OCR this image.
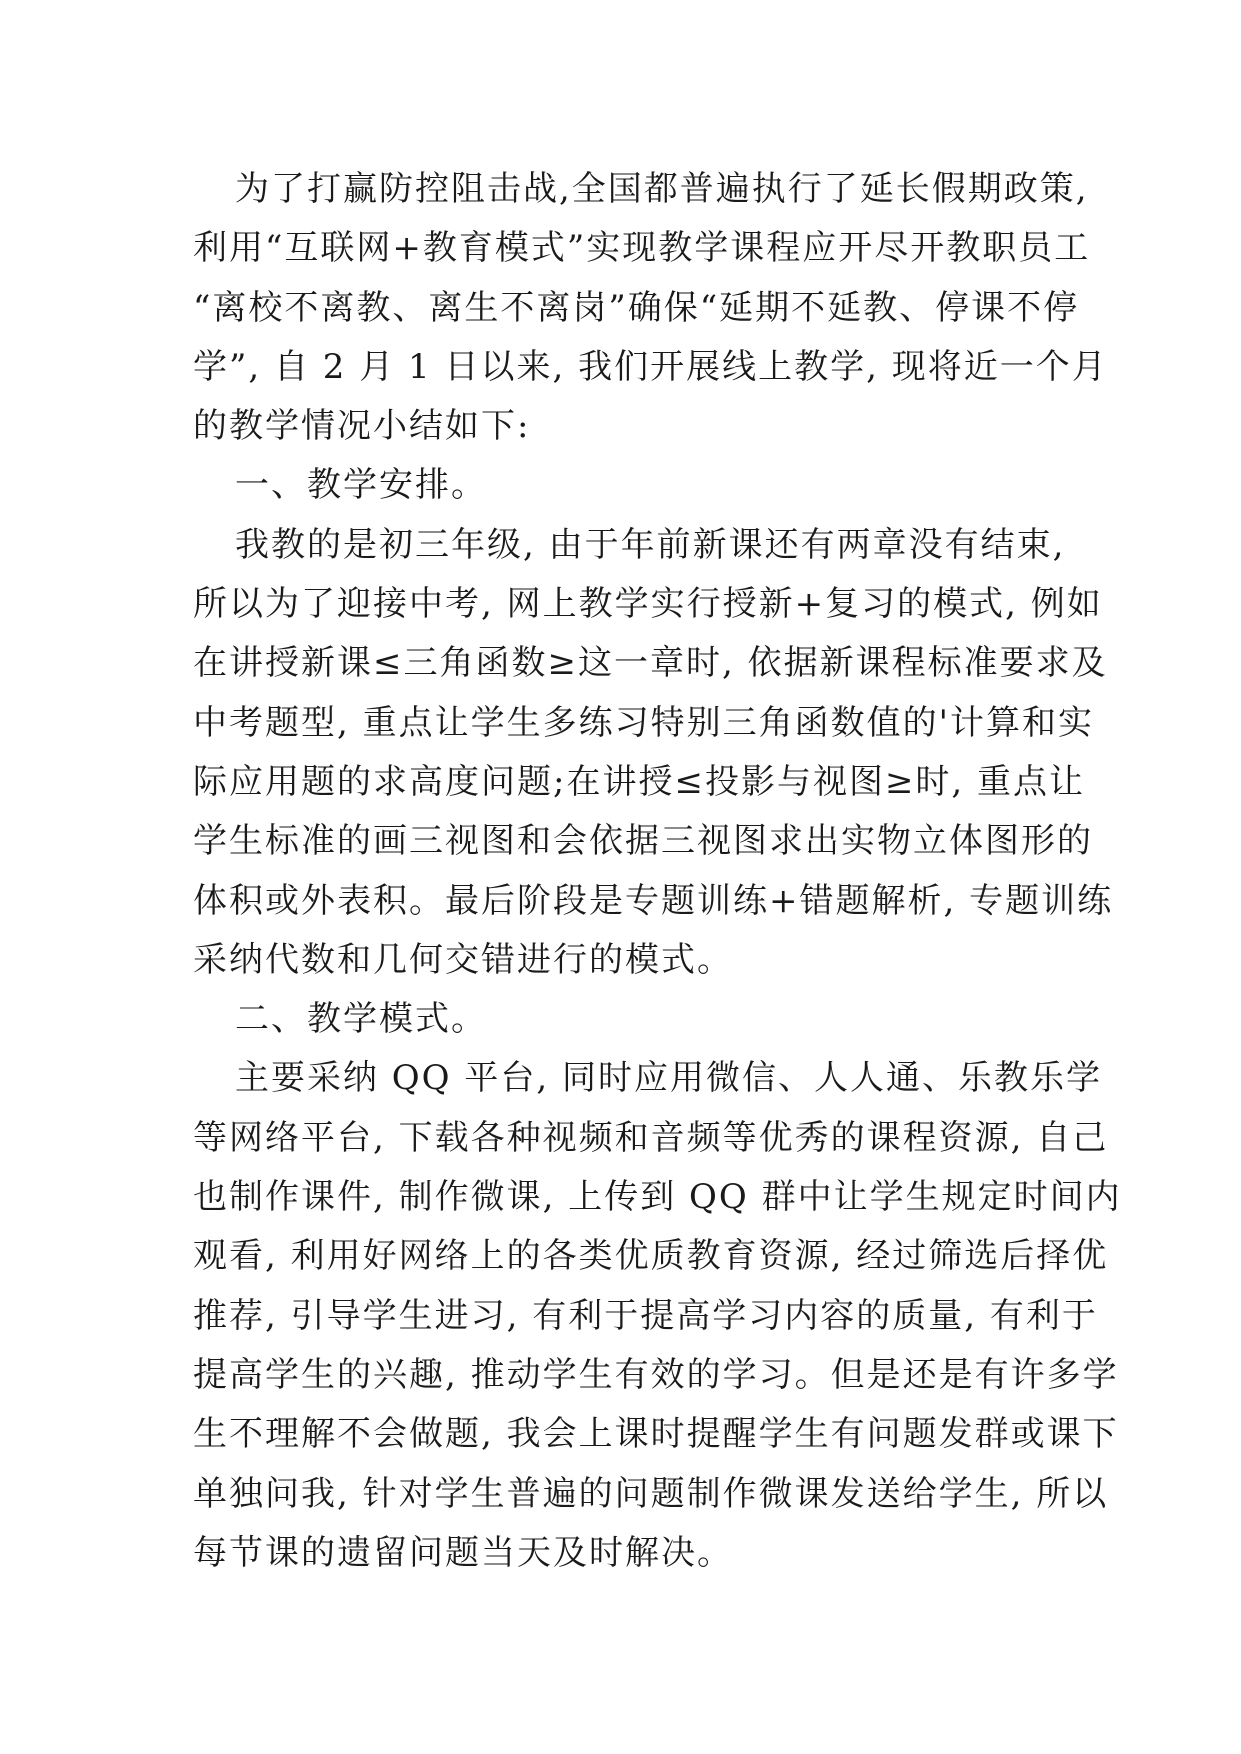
为了打赢防控阻击战,全国都普遍执行了延长假期政策,
利用“互联网+教育模式”实现教学课程应开尽开教职员工
“离校不离教、离生不离岗”确保“延期不延教、停课不停
学”, 自 2 月 1 日以来, 我们开展线上教学, 现将近一个月
的教学情况小结如下:
一、教学安排。
我教的是初三年级, 由于年前新课还有两章没有结束,
所以为了迎接中考, 网上教学实行授新+复习的模式, 例如
在讲授新课≤三角函数≥这一章时, 依据新课程标准要求及
中考题型, 重点让学生多练习特别三角函数值的'计算和实
际应用题的求高度问题;在讲授≤投影与视图≥时, 重点让
学生标准的画三视图和会依据三视图求出实物立体图形的
体积或外表积。最后阶段是专题训练+错题解析, 专题训练
采纳代数和几何交错进行的模式。
二、教学模式。
主要采纳 QQ 平台, 同时应用微信、人人通、乐教乐学
等网络平台, 下载各种视频和音频等优秀的课程资源, 自己
也制作课件, 制作微课, 上传到 QQ 群中让学生规定时间内
观看, 利用好网络上的各类优质教育资源, 经过筛选后择优
推荐, 引导学生进习, 有利于提高学习内容的质量, 有利于
提高学生的兴趣, 推动学生有效的学习。但是还是有许多学
生不理解不会做题, 我会上课时提醒学生有问题发群或课下
单独问我, 针对学生普遍的问题制作微课发送给学生, 所以
每节课的遗留问题当天及时解决。
